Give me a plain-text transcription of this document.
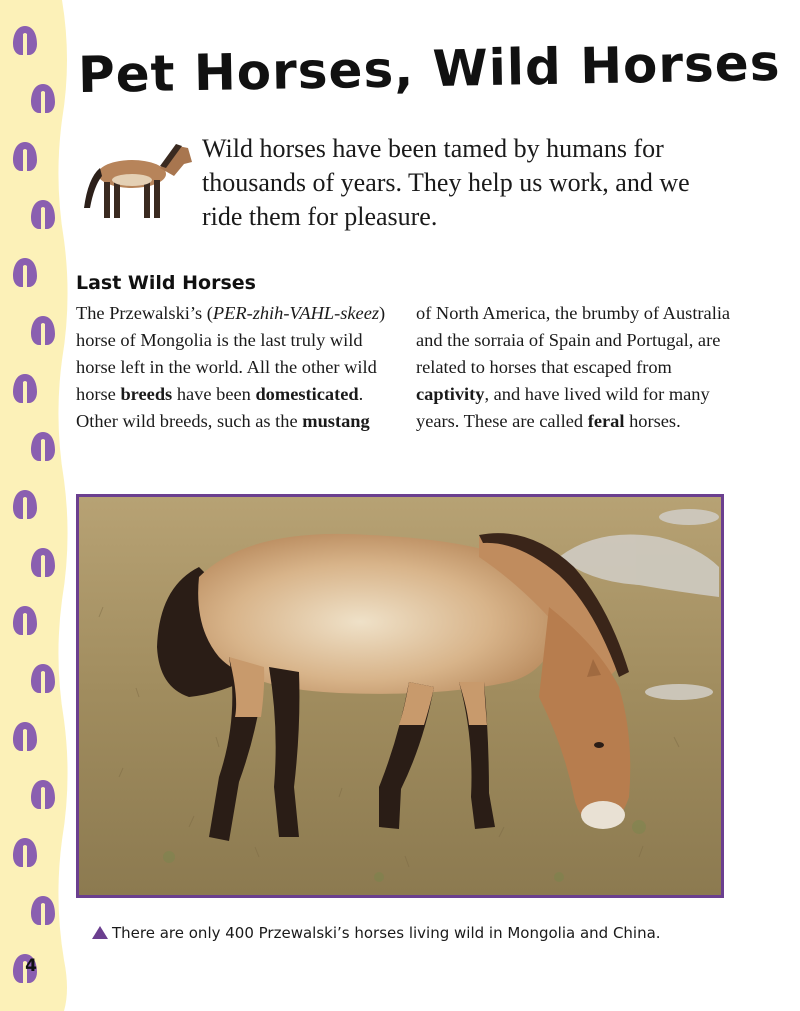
4
Pet Horses, Wild Horses

Wild horses have been tamed by humans for thousands of years. They help us work, and we ride them for pleasure.

Last Wild Horses

The Przewalski’s (PER-zhih-VAHL-skeez) horse of Mongolia is the last truly wild horse left in the world. All the other wild horse breeds have been domesticated. Other wild breeds, such as the mustang

of North America, the brumby of Australia and the sorraia of Spain and Portugal, are related to horses that escaped from captivity, and have lived wild for many years. These are called feral horses.

There are only 400 Przewalski’s horses living wild in Mongolia and China.
